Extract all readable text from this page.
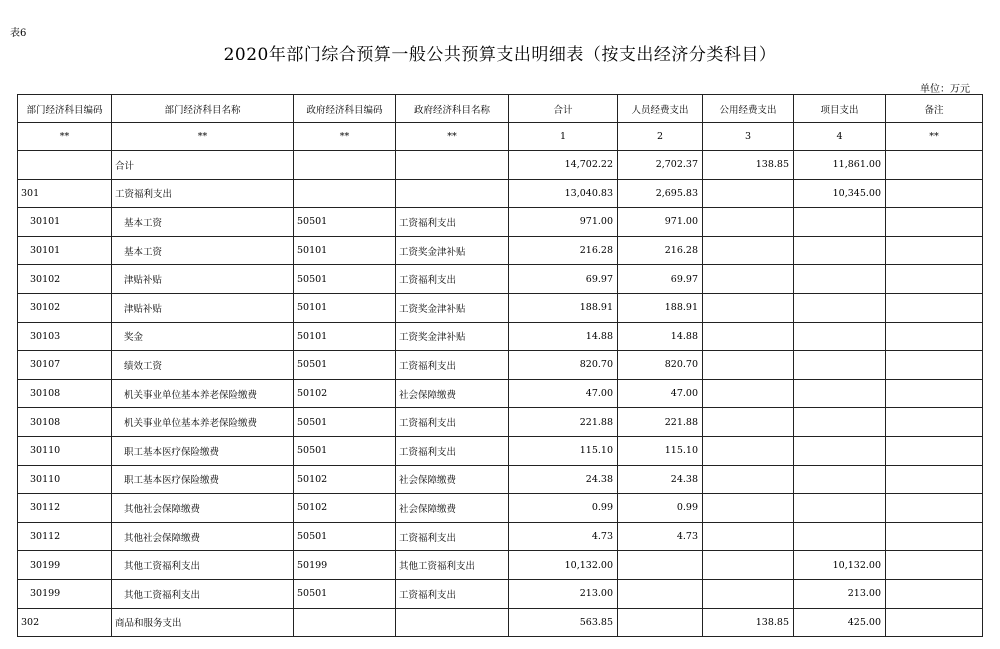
表6
2020年部门综合预算一般公共预算支出明细表（按支出经济分类科目）
单位：万元
部门经济科目编码	部门经济科目名称	政府经济科目编码	政府经济科目名称	合计	人员经费支出	公用经费支出	项目支出	备注
**	**	**	**	1	2	3	4	**
	合计			14,702.22	2,702.37	138.85	11,861.00	
301	工资福利支出			13,040.83	2,695.83		10,345.00	
30101	基本工资	50501	工资福利支出	971.00	971.00			
30101	基本工资	50101	工资奖金津补贴	216.28	216.28			
30102	津贴补贴	50501	工资福利支出	69.97	69.97			
30102	津贴补贴	50101	工资奖金津补贴	188.91	188.91			
30103	奖金	50101	工资奖金津补贴	14.88	14.88			
30107	绩效工资	50501	工资福利支出	820.70	820.70			
30108	机关事业单位基本养老保险缴费	50102	社会保障缴费	47.00	47.00			
30108	机关事业单位基本养老保险缴费	50501	工资福利支出	221.88	221.88			
30110	职工基本医疗保险缴费	50501	工资福利支出	115.10	115.10			
30110	职工基本医疗保险缴费	50102	社会保障缴费	24.38	24.38			
30112	其他社会保障缴费	50102	社会保障缴费	0.99	0.99			
30112	其他社会保障缴费	50501	工资福利支出	4.73	4.73			
30199	其他工资福利支出	50199	其他工资福利支出	10,132.00			10,132.00	
30199	其他工资福利支出	50501	工资福利支出	213.00			213.00	
302	商品和服务支出			563.85		138.85	425.00	
